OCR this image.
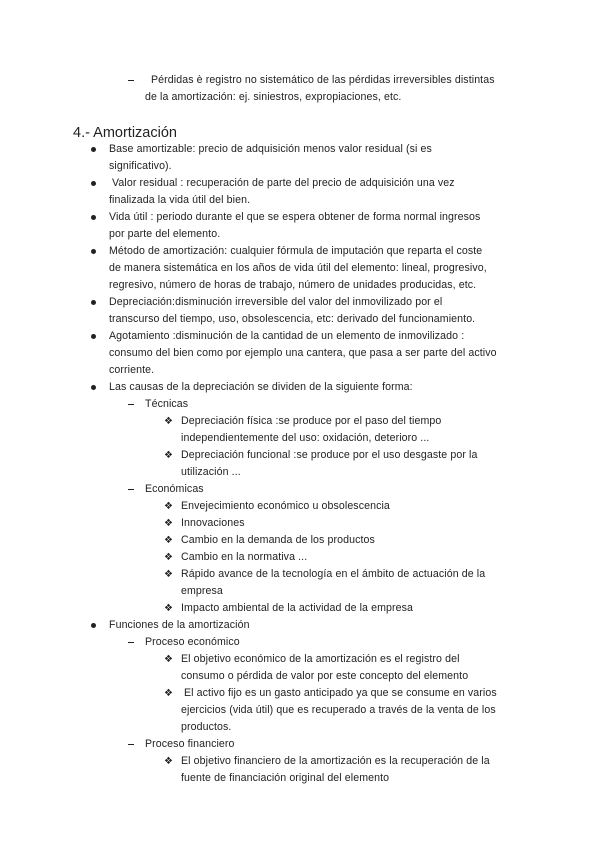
Pérdidas è registro no sistemático de las pérdidas irreversibles distintas
de la amortización: ej. siniestros, expropiaciones, etc.
4.- Amortización
Base amortizable: precio de adquisición menos valor residual (si es
significativo).
Valor residual : recuperación de parte del precio de adquisición una vez
finalizada la vida útil del bien.
Vida útil : periodo durante el que se espera obtener de forma normal ingresos
por parte del elemento.
Método de amortización: cualquier fórmula de imputación que reparta el coste
de manera sistemática en los años de vida útil del elemento: lineal, progresivo,
regresivo, número de horas de trabajo, número de unidades producidas, etc.
Depreciación:disminución irreversible del valor del inmovilizado por el
transcurso del tiempo, uso, obsolescencia, etc: derivado del funcionamiento.
Agotamiento :disminución de la cantidad de un elemento de inmovilizado :
consumo del bien como por ejemplo una cantera, que pasa a ser parte del activo
corriente.
Las causas de la depreciación se dividen de la siguiente forma:
Técnicas
❖ Depreciación física :se produce por el paso del tiempo
independientemente del uso: oxidación, deterioro ...
❖ Depreciación funcional :se produce por el uso desgaste por la
utilización ...
Económicas
❖ Envejecimiento económico u obsolescencia
❖ Innovaciones
❖ Cambio en la demanda de los productos
❖ Cambio en la normativa ...
❖ Rápido avance de la tecnología en el ámbito de actuación de la
empresa
❖ Impacto ambiental de la actividad de la empresa
Funciones de la amortización
Proceso económico
❖ El objetivo económico de la amortización es el registro del
consumo o pérdida de valor por este concepto del elemento
❖ El activo fijo es un gasto anticipado ya que se consume en varios
ejercicios (vida útil) que es recuperado a través de la venta de los
productos.
Proceso financiero
❖ El objetivo financiero de la amortización es la recuperación de la
fuente de financiación original del elemento
